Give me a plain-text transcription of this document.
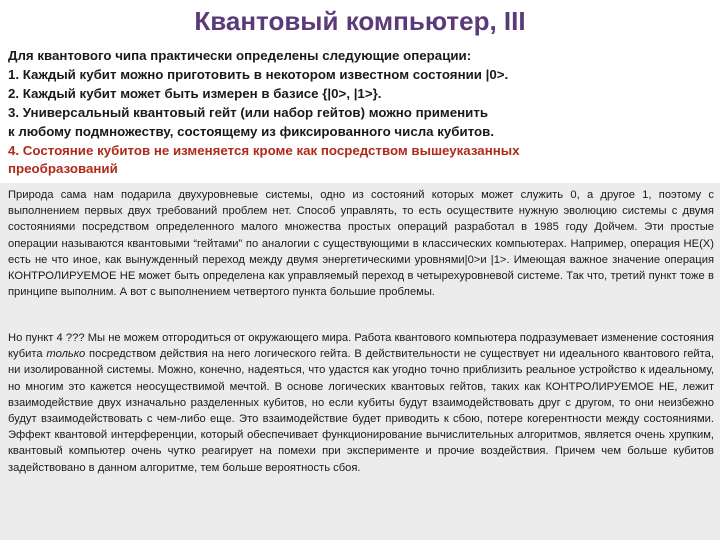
Квантовый компьютер, III
Для квантового чипа практически определены следующие операции:
1. Каждый кубит можно приготовить в некотором известном состоянии |0>.
2. Каждый кубит может быть измерен в базисе {|0>, |1>}.
3. Универсальный квантовый гейт (или набор гейтов) можно применить
к любому подмножеству, состоящему из фиксированного числа кубитов.
4. Состояние кубитов не изменяется кроме как посредством вышеуказанных
преобразований

Природа сама нам подарила двухуровневые системы, одно из состояний которых может служить 0, а другое 1, поэтому с выполнением первых двух требований проблем нет. Способ управлять, то есть осуществите нужную эволюцию системы с двумя состояниями посредством определенного малого множества простых операций разработал в 1985 году Дойчем. Эти простые операции называются квантовыми “гейтами” по аналогии с существующими в классических компьютерах. Например, операция НЕ(X) есть не что иное, как вынужденный переход между двумя энергетическими уровнями|0>и |1>. Имеющая важное значение операция КОНТРОЛИРУЕМОЕ НЕ может быть определена как управляемый переход в четырехуровневой системе. Так что, третий пункт тоже в принципе выполним. А вот с выполнением четвертого пункта большие проблемы.

Но пункт 4 ??? Мы не можем отгородиться от окружающего мира. Работа квантового компьютера подразумевает изменение состояния кубита только посредством действия на него логического гейта. В действительности не существует ни идеального квантового гейта, ни изолированной системы. Можно, конечно, надеяться, что удастся как угодно точно приблизить реальное устройство к идеальному, но многим это кажется неосуществимой мечтой. В основе логических квантовых гейтов, таких как КОНТРОЛИРУЕМОЕ НЕ, лежит взаимодействие двух изначально разделенных кубитов, но если кубиты будут взаимодействовать друг с другом, то они неизбежно будут взаимодействовать с чем-либо еще. Это взаимодействие будет приводить к сбою, потере когерентности между состояниями. Эффект квантовой интерференции, который обеспечивает функционирование вычислительных алгоритмов, является очень хрупким, квантовый компьютер очень чутко реагирует на помехи при эксперименте и прочие воздействия. Причем чем больше кубитов задействовано в данном алгоритме, тем больше вероятность сбоя.
